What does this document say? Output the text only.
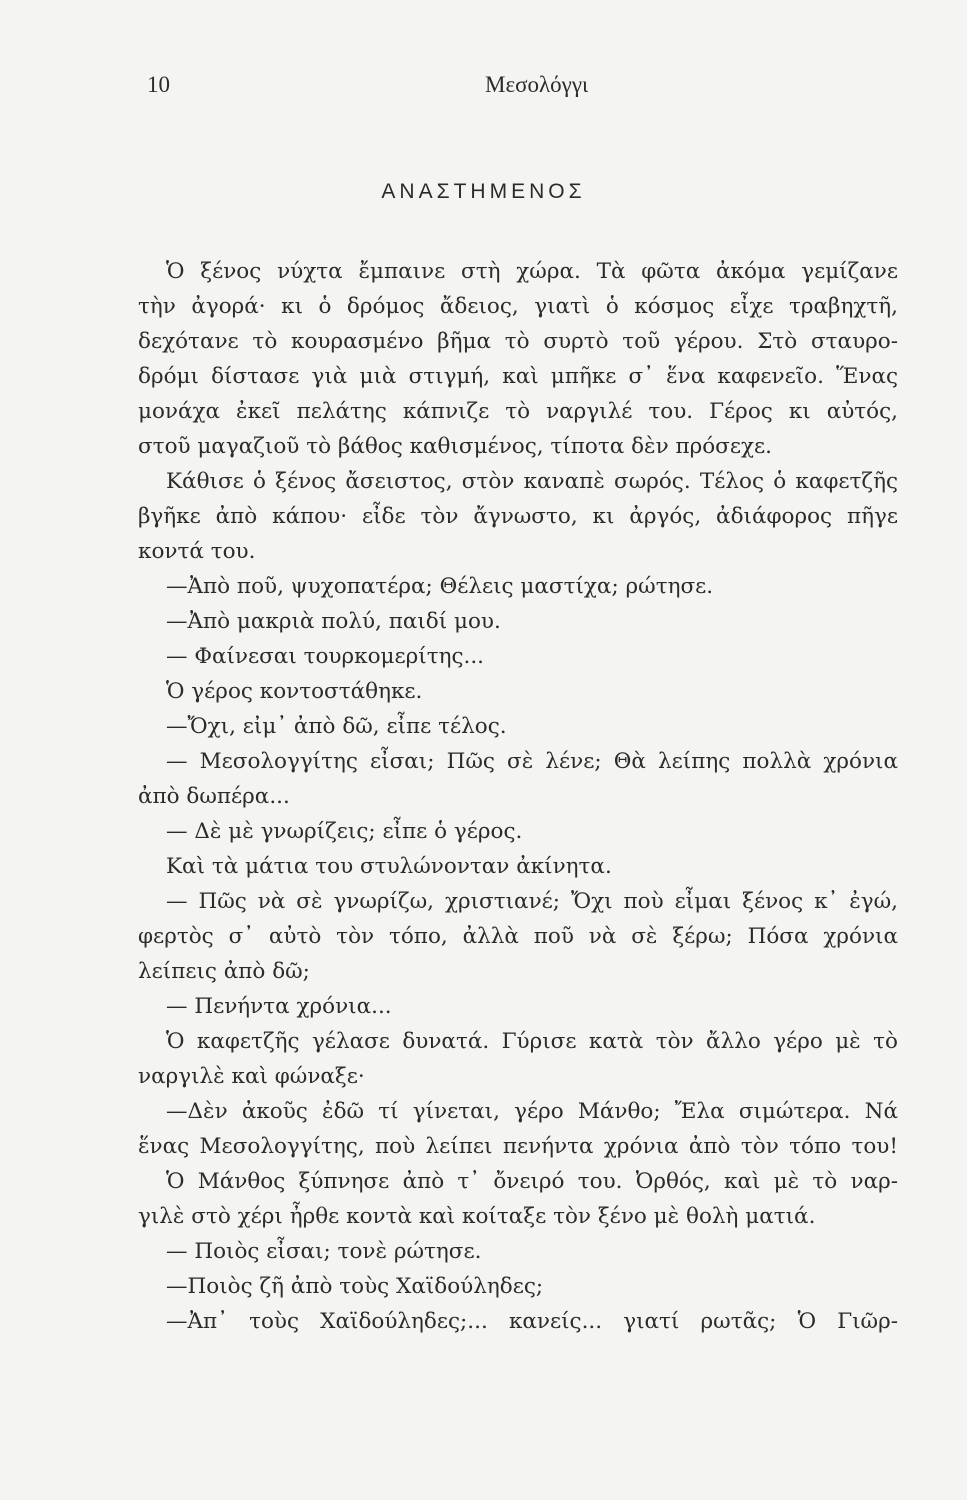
10	Μεσολόγγι
ΑΝΑΣΤΗΜΕΝΟΣ
Ὁ ξένος νύχτα ἔμπαινε στὴ χώρα. Τὰ φῶτα ἀκόμα γεμίζανε
τὴν ἀγορά· κι ὁ δρόμος ἄδειος, γιατὶ ὁ κόσμος εἶχε τραβηχτῆ,
δεχότανε τὸ κουρασμένο βῆμα τὸ συρτὸ τοῦ γέρου. Στὸ σταυρο-
δρόμι δίστασε γιὰ μιὰ στιγμή, καὶ μπῆκε σ᾽ ἕνα καφενεῖο. Ἕνας
μονάχα ἐκεῖ πελάτης κάπνιζε τὸ ναργιλέ του. Γέρος κι αὐτός,
στοῦ μαγαζιοῦ τὸ βάθος καθισμένος, τίποτα δὲν πρόσεχε.
Κάθισε ὁ ξένος ἄσειστος, στὸν καναπὲ σωρός. Τέλος ὁ καφετζῆς
βγῆκε ἀπὸ κάπου· εἶδε τὸν ἄγνωστο, κι ἀργός, ἀδιάφορος πῆγε
κοντά του.
—Ἀπὸ ποῦ, ψυχοπατέρα; Θέλεις μαστίχα; ρώτησε.
—Ἀπὸ μακριὰ πολύ, παιδί μου.
— Φαίνεσαι τουρκομερίτης...
Ὁ γέρος κοντοστάθηκε.
—Ὄχι, εἰμ᾽ ἀπὸ δῶ, εἶπε τέλος.
— Μεσολογγίτης εἶσαι; Πῶς σὲ λένε; Θὰ λείπης πολλὰ χρόνια
ἀπὸ δωπέρα...
— Δὲ μὲ γνωρίζεις; εἶπε ὁ γέρος.
Καὶ τὰ μάτια του στυλώνονταν ἀκίνητα.
— Πῶς νὰ σὲ γνωρίζω, χριστιανέ; Ὄχι ποὺ εἶμαι ξένος κ᾽ ἐγώ,
φερτὸς σ᾽ αὐτὸ τὸν τόπο, ἀλλὰ ποῦ νὰ σὲ ξέρω; Πόσα χρόνια
λείπεις ἀπὸ δῶ;
— Πενήντα χρόνια...
Ὁ καφετζῆς γέλασε δυνατά. Γύρισε κατὰ τὸν ἄλλο γέρο μὲ τὸ
ναργιλὲ καὶ φώναξε·
—Δὲν ἀκοῦς ἐδῶ τί γίνεται, γέρο Μάνθο; Ἔλα σιμώτερα. Νά
ἕνας Μεσολογγίτης, ποὺ λείπει πενήντα χρόνια ἀπὸ τὸν τόπο του!
Ὁ Μάνθος ξύπνησε ἀπὸ τ᾽ ὄνειρό του. Ὀρθός, καὶ μὲ τὸ ναρ-
γιλὲ στὸ χέρι ἦρθε κοντὰ καὶ κοίταξε τὸν ξένο μὲ θολὴ ματιά.
— Ποιὸς εἶσαι; τονὲ ρώτησε.
—Ποιὸς ζῆ ἀπὸ τοὺς Χαϊδούληδες;
—Ἀπ᾽ τοὺς Χαϊδούληδες;... κανείς... γιατί ρωτᾶς; Ὁ Γιῶρ-
